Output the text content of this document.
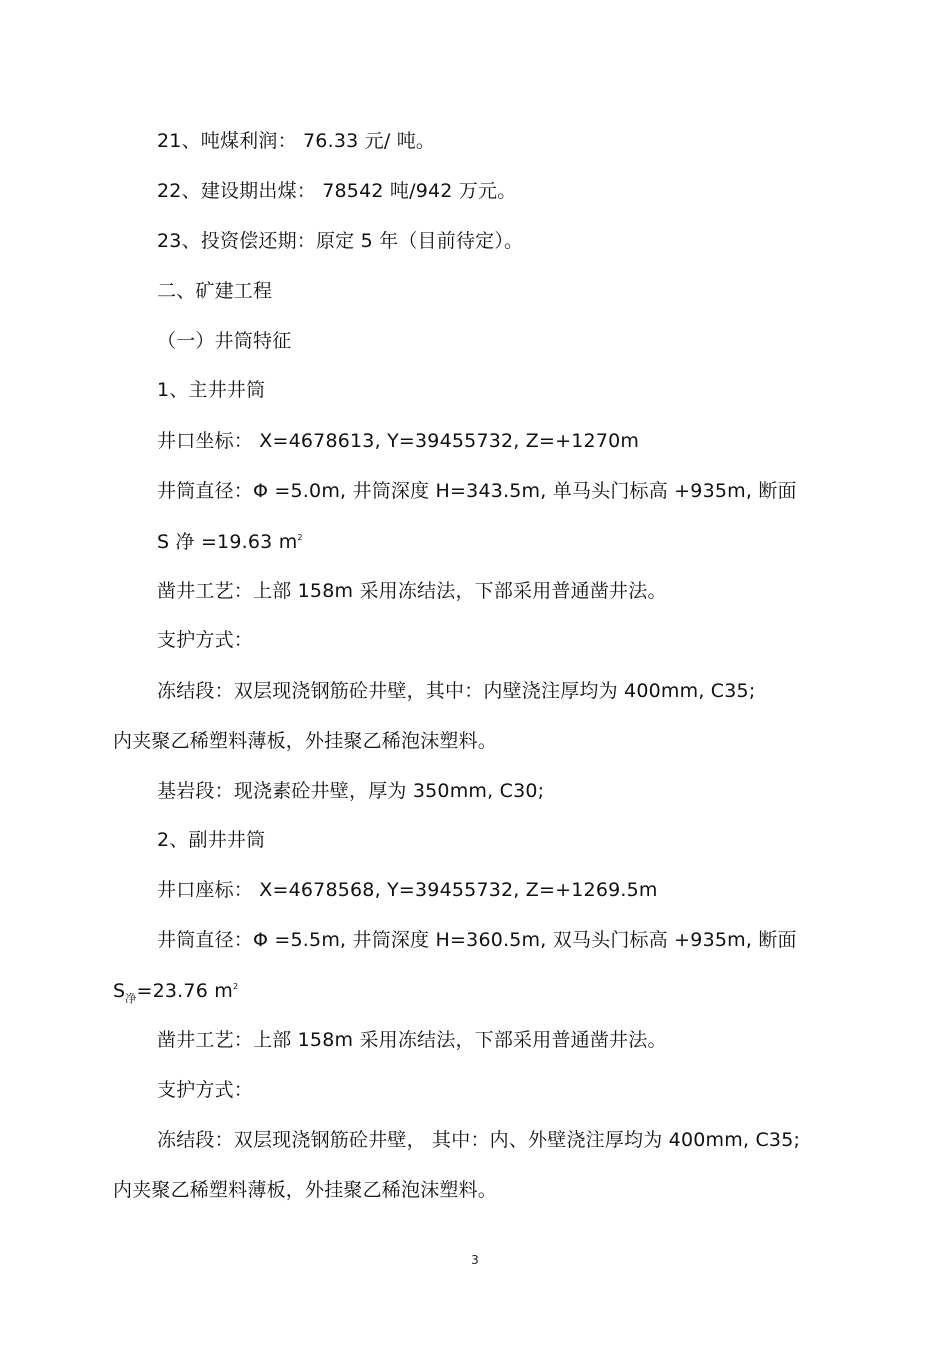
21、吨煤利润： 76.33 元/ 吨。
22、建设期出煤： 78542 吨/942 万元。
23、投资偿还期：原定 5 年（目前待定）。
二、矿建工程
（一）井筒特征
1、主井井筒
井口坐标： X=4678613, Y=39455732, Z=+1270m
井筒直径：Φ =5.0m, 井筒深度 H=343.5m, 单马头门标高 +935m, 断面
S 净 =19.63 $m^2$
凿井工艺：上部 158m 采用冻结法，下部采用普通凿井法。
支护方式：
冻结段：双层现浇钢筋砼井壁，其中：内壁浇注厚均为 400mm, C35;
内夹聚乙稀塑料薄板，外挂聚乙稀泡沫塑料。
基岩段：现浇素砼井壁，厚为 350mm, C30;
2、副井井筒
井口座标： X=4678568, Y=39455732, Z=+1269.5m
井筒直径：Φ =5.5m, 井筒深度 H=360.5m, 双马头门标高 +935m, 断面
$S_净=23.76$ $m^2$
凿井工艺：上部 158m 采用冻结法，下部采用普通凿井法。
支护方式：
冻结段：双层现浇钢筋砼井壁， 其中：内、外壁浇注厚均为 400mm, C35;
内夹聚乙稀塑料薄板，外挂聚乙稀泡沫塑料。
3
